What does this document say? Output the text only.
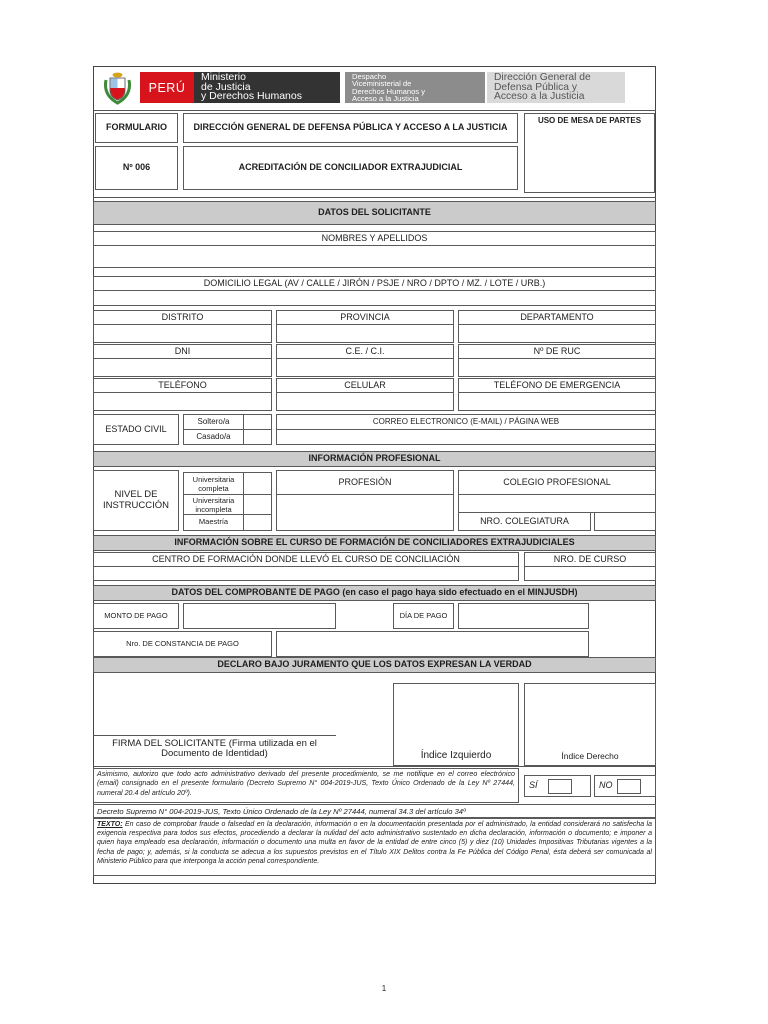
PERÚ
Ministerio
de Justicia
y Derechos Humanos
Despacho
Viceministerial de
Derechos Humanos y
Acceso a la Justicia
Dirección General de
Defensa Pública y
Acceso a la Justicia
FORMULARIO	DIRECCIÓN GENERAL DE DEFENSA PÚBLICA Y ACCESO A LA JUSTICIA
USO DE MESA DE PARTES
Nº 006	ACREDITACIÓN DE CONCILIADOR EXTRAJUDICIAL
DATOS DEL SOLICITANTE
NOMBRES Y APELLIDOS
DOMICILIO LEGAL (AV / CALLE / JIRÓN / PSJE / NRO / DPTO / MZ. / LOTE / URB.)
DISTRITO	PROVINCIA	DEPARTAMENTO
DNI	C.E. / C.I.	Nº DE RUC
TELÉFONO	CELULAR	TELÉFONO DE EMERGENCIA
ESTADO CIVIL
Soltero/a
Casado/a
CORREO ELECTRONICO (E-MAIL) / PÁGINA WEB
INFORMACIÓN PROFESIONAL
NIVEL DE INSTRUCCIÓN
Universitaria completa
Universitaria incompleta
Maestría
PROFESIÓN	COLEGIO PROFESIONAL
NRO. COLEGIATURA
INFORMACIÓN SOBRE EL CURSO DE FORMACIÓN DE CONCILIADORES EXTRAJUDICIALES
CENTRO DE FORMACIÓN DONDE LLEVÓ EL CURSO DE CONCILIACIÓN	NRO. DE CURSO
DATOS DEL COMPROBANTE DE PAGO (en caso el pago haya sido efectuado en el MINJUSDH)
MONTO DE PAGO	DÍA DE PAGO
Nro. DE CONSTANCIA DE PAGO
DECLARO BAJO JURAMENTO QUE LOS DATOS EXPRESAN LA VERDAD
FIRMA DEL SOLICITANTE (Firma utilizada en el
Documento de Identidad)	Índice Izquierdo	Índice Derecho
Asimismo, autorizo que todo acto administrativo derivado del presente procedimiento, se me notifique en el correo electrónico (email) consignado en el presente formulario (Decreto Supremo N° 004-2019-JUS, Texto Único Ordenado de la Ley Nº 27444, numeral 20.4 del artículo 20º).
SÍ	NO
Decreto Supremo N° 004-2019-JUS, Texto Único Ordenado de la Ley Nº 27444, numeral 34.3 del artículo 34º
TEXTO: En caso de comprobar fraude o falsedad en la declaración, información o en la documentación presentada por el administrado, la entidad considerará no satisfecha la exigencia respectiva para todos sus efectos, procediendo a declarar la nulidad del acto administrativo sustentado en dicha declaración, información o documento; e imponer a quien haya empleado esa declaración, información o documento una multa en favor de la entidad de entre cinco (5) y diez (10) Unidades Impositivas Tributarias vigentes a la fecha de pago; y, además, si la conducta se adecua a los supuestos previstos en el Título XIX Delitos contra la Fe Pública del Código Penal, ésta deberá ser comunicada al Ministerio Público para que interponga la acción penal correspondiente.
1
